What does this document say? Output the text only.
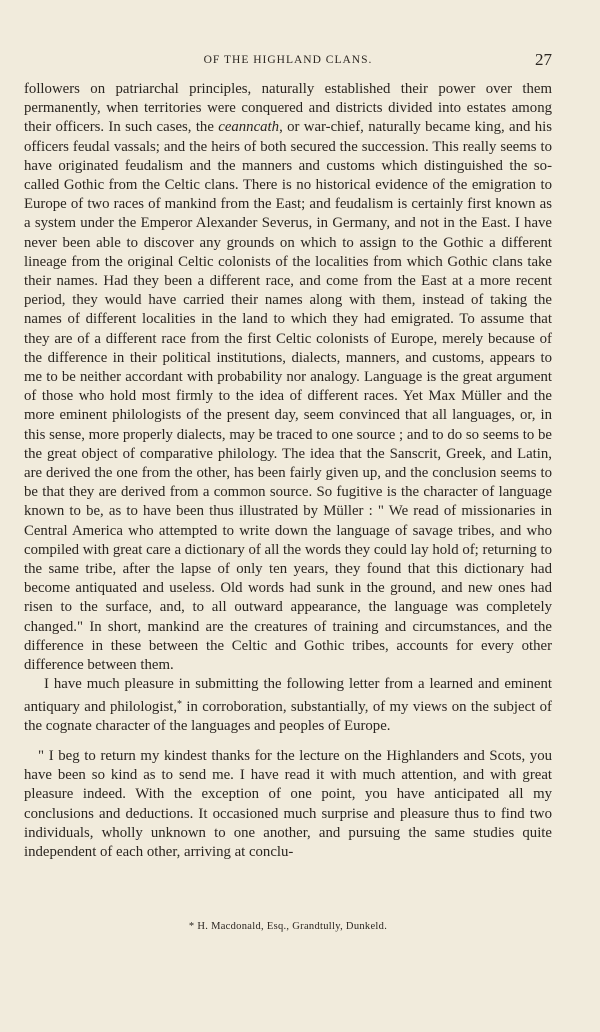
OF THE HIGHLAND CLANS.	27

followers on patriarchal principles, naturally established their power over them permanently, when territories were conquered and districts divided into estates among their officers. In such cases, the ceanncath, or war-chief, naturally became king, and his officers feudal vassals; and the heirs of both secured the succession. This really seems to have originated feudalism and the manners and customs which distinguished the so-called Gothic from the Celtic clans. There is no historical evidence of the emigration to Europe of two races of mankind from the East; and feudalism is certainly first known as a system under the Emperor Alexander Severus, in Germany, and not in the East. I have never been able to discover any grounds on which to assign to the Gothic a different lineage from the original Celtic colonists of the localities from which Gothic clans take their names. Had they been a different race, and come from the East at a more recent period, they would have carried their names along with them, instead of taking the names of different localities in the land to which they had emigrated. To assume that they are of a different race from the first Celtic colonists of Europe, merely because of the difference in their political institutions, dialects, manners, and customs, appears to me to be neither accordant with probability nor analogy. Language is the great argument of those who hold most firmly to the idea of different races. Yet Max Müller and the more eminent philologists of the present day, seem convinced that all languages, or, in this sense, more properly dialects, may be traced to one source ; and to do so seems to be the great object of comparative philology. The idea that the Sanscrit, Greek, and Latin, are derived the one from the other, has been fairly given up, and the conclusion seems to be that they are derived from a common source. So fugitive is the character of language known to be, as to have been thus illustrated by Müller : " We read of missionaries in Central America who attempted to write down the language of savage tribes, and who compiled with great care a dictionary of all the words they could lay hold of; returning to the same tribe, after the lapse of only ten years, they found that this dictionary had become antiquated and useless. Old words had sunk in the ground, and new ones had risen to the surface, and, to all outward appearance, the language was completely changed." In short, mankind are the creatures of training and circumstances, and the difference in these between the Celtic and Gothic tribes, accounts for every other difference between them.

I have much pleasure in submitting the following letter from a learned and eminent antiquary and philologist,* in corroboration, substantially, of my views on the subject of the cognate character of the languages and peoples of Europe.

" I beg to return my kindest thanks for the lecture on the Highlanders and Scots, you have been so kind as to send me. I have read it with much attention, and with great pleasure indeed. With the exception of one point, you have anticipated all my conclusions and deductions. It occasioned much surprise and pleasure thus to find two individuals, wholly unknown to one another, and pursuing the same studies quite independent of each other, arriving at conclu-

* H. Macdonald, Esq., Grandtully, Dunkeld.
